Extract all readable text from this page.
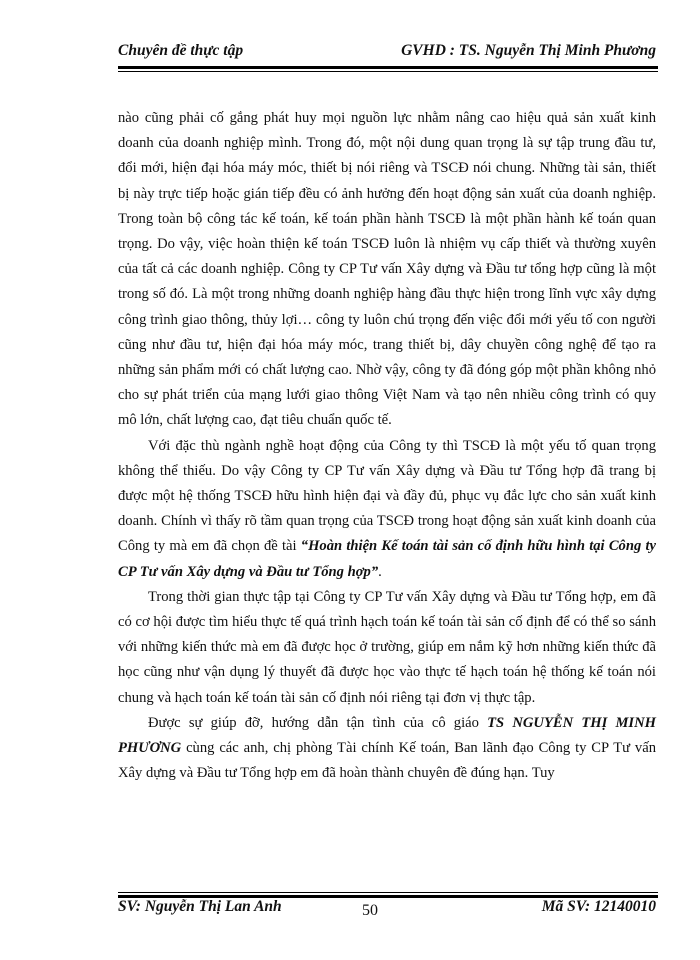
Chuyên đề thực tập	GVHD : TS. Nguyễn Thị Minh Phương

nào cũng phải cố gắng phát huy mọi nguồn lực nhằm nâng cao hiệu quả sản xuất kinh doanh của doanh nghiệp mình. Trong đó, một nội dung quan trọng là sự tập trung đầu tư, đổi mới, hiện đại hóa máy móc, thiết bị nói riêng và TSCĐ nói chung. Những tài sản, thiết bị này trực tiếp hoặc gián tiếp đều có ảnh hưởng đến hoạt động sản xuất của doanh nghiệp. Trong toàn bộ công tác kế toán, kế toán phần hành TSCĐ là một phần hành kế toán quan trọng. Do vậy, việc hoàn thiện kế toán TSCĐ luôn là nhiệm vụ cấp thiết và thường xuyên của tất cả các doanh nghiệp. Công ty CP Tư vấn Xây dựng và Đầu tư tổng hợp cũng là một trong số đó. Là một trong những doanh nghiệp hàng đầu thực hiện trong lĩnh vực xây dựng công trình giao thông, thủy lợi… công ty luôn chú trọng đến việc đổi mới yếu tố con người cũng như đầu tư, hiện đại hóa máy móc, trang thiết bị, dây chuyền công nghệ để tạo ra những sản phẩm mới có chất lượng cao. Nhờ vậy, công ty đã đóng góp một phần không nhỏ cho sự phát triển của mạng lưới giao thông Việt Nam và tạo nên nhiều công trình có quy mô lớn, chất lượng cao, đạt tiêu chuẩn quốc tế.

Với đặc thù ngành nghề hoạt động của Công ty thì TSCĐ là một yếu tố quan trọng không thể thiếu. Do vậy Công ty CP Tư vấn Xây dựng và Đầu tư Tổng hợp đã trang bị được một hệ thống TSCĐ hữu hình hiện đại và đầy đủ, phục vụ đắc lực cho sản xuất kinh doanh. Chính vì thấy rõ tầm quan trọng của TSCĐ trong hoạt động sản xuất kinh doanh của Công ty mà em đã chọn đề tài “Hoàn thiện Kế toán tài sản cố định hữu hình tại Công ty CP Tư vấn Xây dựng và Đầu tư Tổng hợp”.

Trong thời gian thực tập tại Công ty CP Tư vấn Xây dựng và Đầu tư Tổng hợp, em đã có cơ hội được tìm hiểu thực tế quá trình hạch toán kế toán tài sản cố định để có thể so sánh với những kiến thức mà em đã được học ở trường, giúp em nắm kỹ hơn những kiến thức đã học cũng như vận dụng lý thuyết đã được học vào thực tế hạch toán hệ thống kế toán nói chung và hạch toán kế toán tài sản cố định nói riêng tại đơn vị thực tập.

Được sự giúp đỡ, hướng dẫn tận tình của cô giáo TS NGUYỄN THỊ MINH PHƯƠNG cùng các anh, chị phòng Tài chính Kế toán, Ban lãnh đạo Công ty CP Tư vấn Xây dựng và Đầu tư Tổng hợp em đã hoàn thành chuyên đề đúng hạn. Tuy

SV: Nguyễn Thị Lan Anh	50	Mã SV: 12140010
